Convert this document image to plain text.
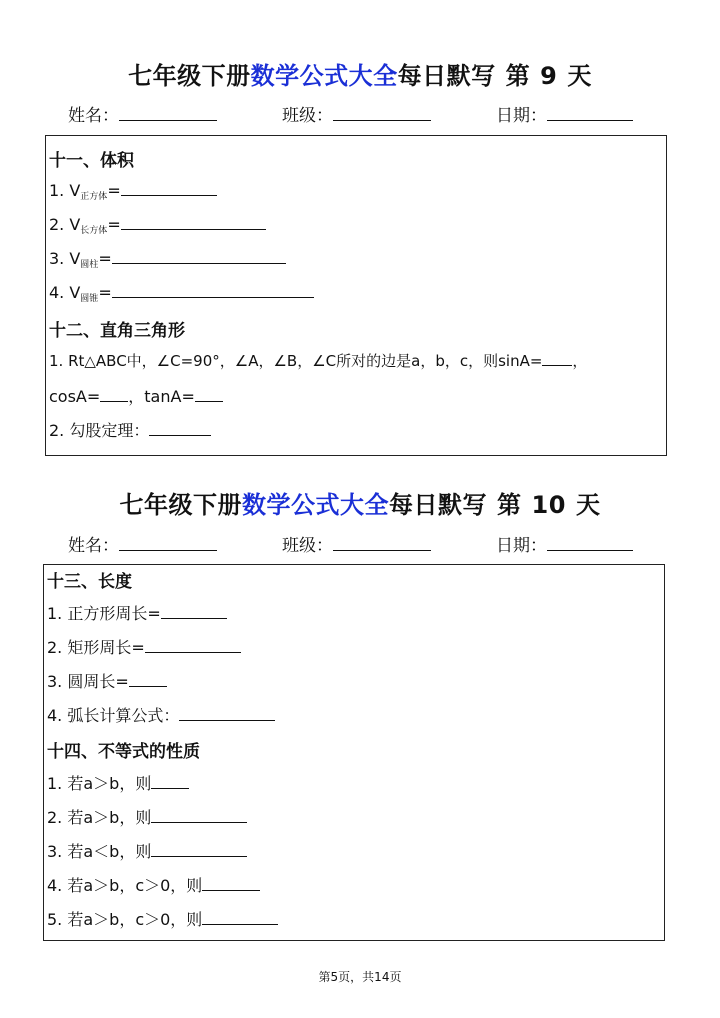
七年级下册数学公式大全每日默写 第 9 天
姓名：	班级：	日期：
十一、体积
1. $V_{正方体}=$
2. $V_{长方体}=$
3. $V_{圆柱}=$
4. $V_{圆锥}=$
十二、直角三角形
1. Rt△ABC中，∠C=90°，∠A，∠B，∠C所对的边是a，b，c，则sinA= ，
cosA= ，tanA=
2. 勾股定理：
七年级下册数学公式大全每日默写 第 10 天
姓名：	班级：	日期：
十三、长度
1. 正方形周长=
2. 矩形周长=
3. 圆周长=
4. 弧长计算公式：
十四、不等式的性质
1. 若a＞b，则
2. 若a＞b，则
3. 若a＜b，则
4. 若a＞b，c＞0，则
5. 若a＞b，c＞0，则
第5页，共14页
